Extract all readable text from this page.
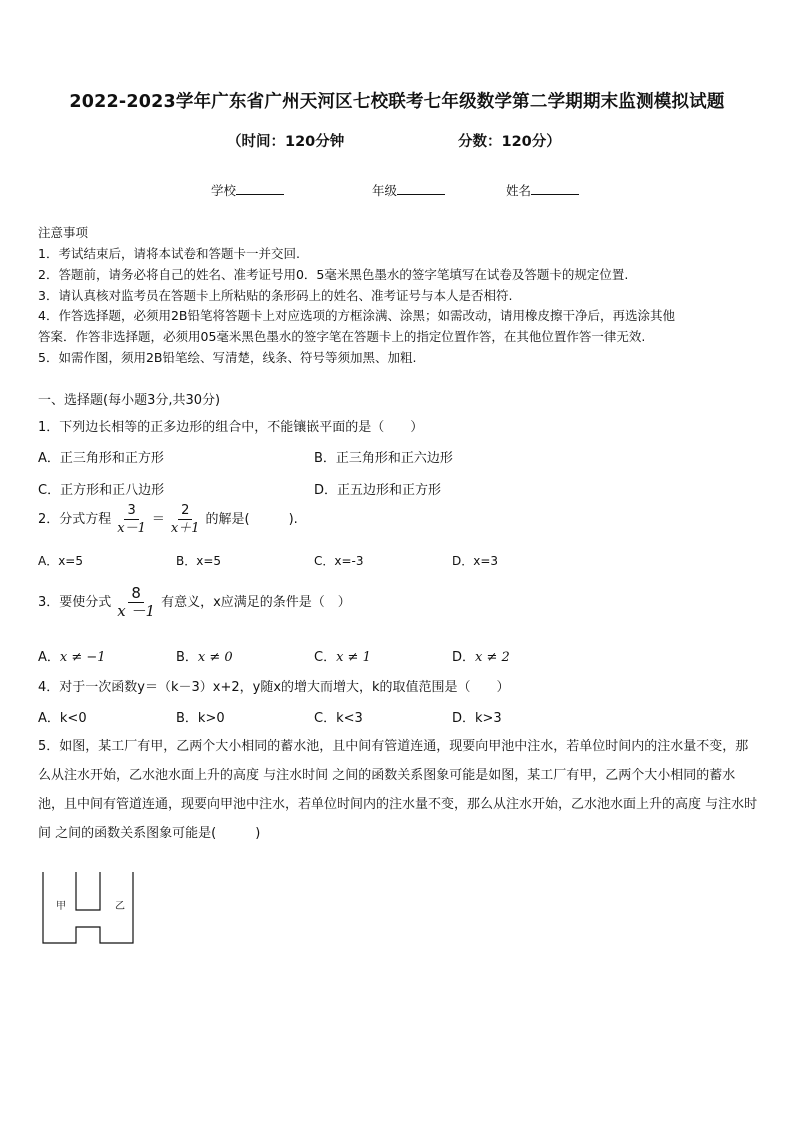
2022-2023学年广东省广州天河区七校联考七年级数学第二学期期末监测模拟试题
（时间：120分钟	分数：120分）
学校	年级	姓名
注意事项
1．考试结束后，请将本试卷和答题卡一并交回.
2．答题前，请务必将自己的姓名、准考证号用0．5毫米黑色墨水的签字笔填写在试卷及答题卡的规定位置.
3．请认真核对监考员在答题卡上所粘贴的条形码上的姓名、准考证号与本人是否相符.
4．作答选择题，必须用2B铅笔将答题卡上对应选项的方框涂满、涂黑；如需改动，请用橡皮擦干净后，再选涂其他
答案．作答非选择题，必须用05毫米黑色墨水的签字笔在答题卡上的指定位置作答，在其他位置作答一律无效.
5．如需作图，须用2B铅笔绘、写清楚，线条、符号等须加黑、加粗.
一、选择题(每小题3分,共30分)
1．下列边长相等的正多边形的组合中，不能镶嵌平面的是（　　）
A．正三角形和正方形	B．正三角形和正六边形
C．正方形和正八边形	D．正五边形和正方形
2．分式方程 $\frac{3}{x-1} = \frac{2}{x+1}$ 的解是(　　　).
A．x=5	B．x=5	C．x=-3	D．x=3
3．要使分式 $\frac{8}{x -1}$ 有意义，x应满足的条件是（　）
A．x ≠ −1	B．x ≠ 0	C．x ≠ 1	D．x ≠ 2
4．对于一次函数y＝（k－3）x+2，y随x的增大而增大，k的取值范围是（　　）
A．k<0	B．k>0	C．k<3	D．k>3
5．如图，某工厂有甲，乙两个大小相同的蓄水池，且中间有管道连通，现要向甲池中注水，若单位时间内的注水量不变，那么从注水开始，乙水池水面上升的高度 与注水时间 之间的函数关系图象可能是如图，某工厂有甲，乙两个大小相同的蓄水池，且中间有管道连通，现要向甲池中注水，若单位时间内的注水量不变，那么从注水开始，乙水池水面上升的高度 与注水时间 之间的函数关系图象可能是(　　　)
甲	乙
